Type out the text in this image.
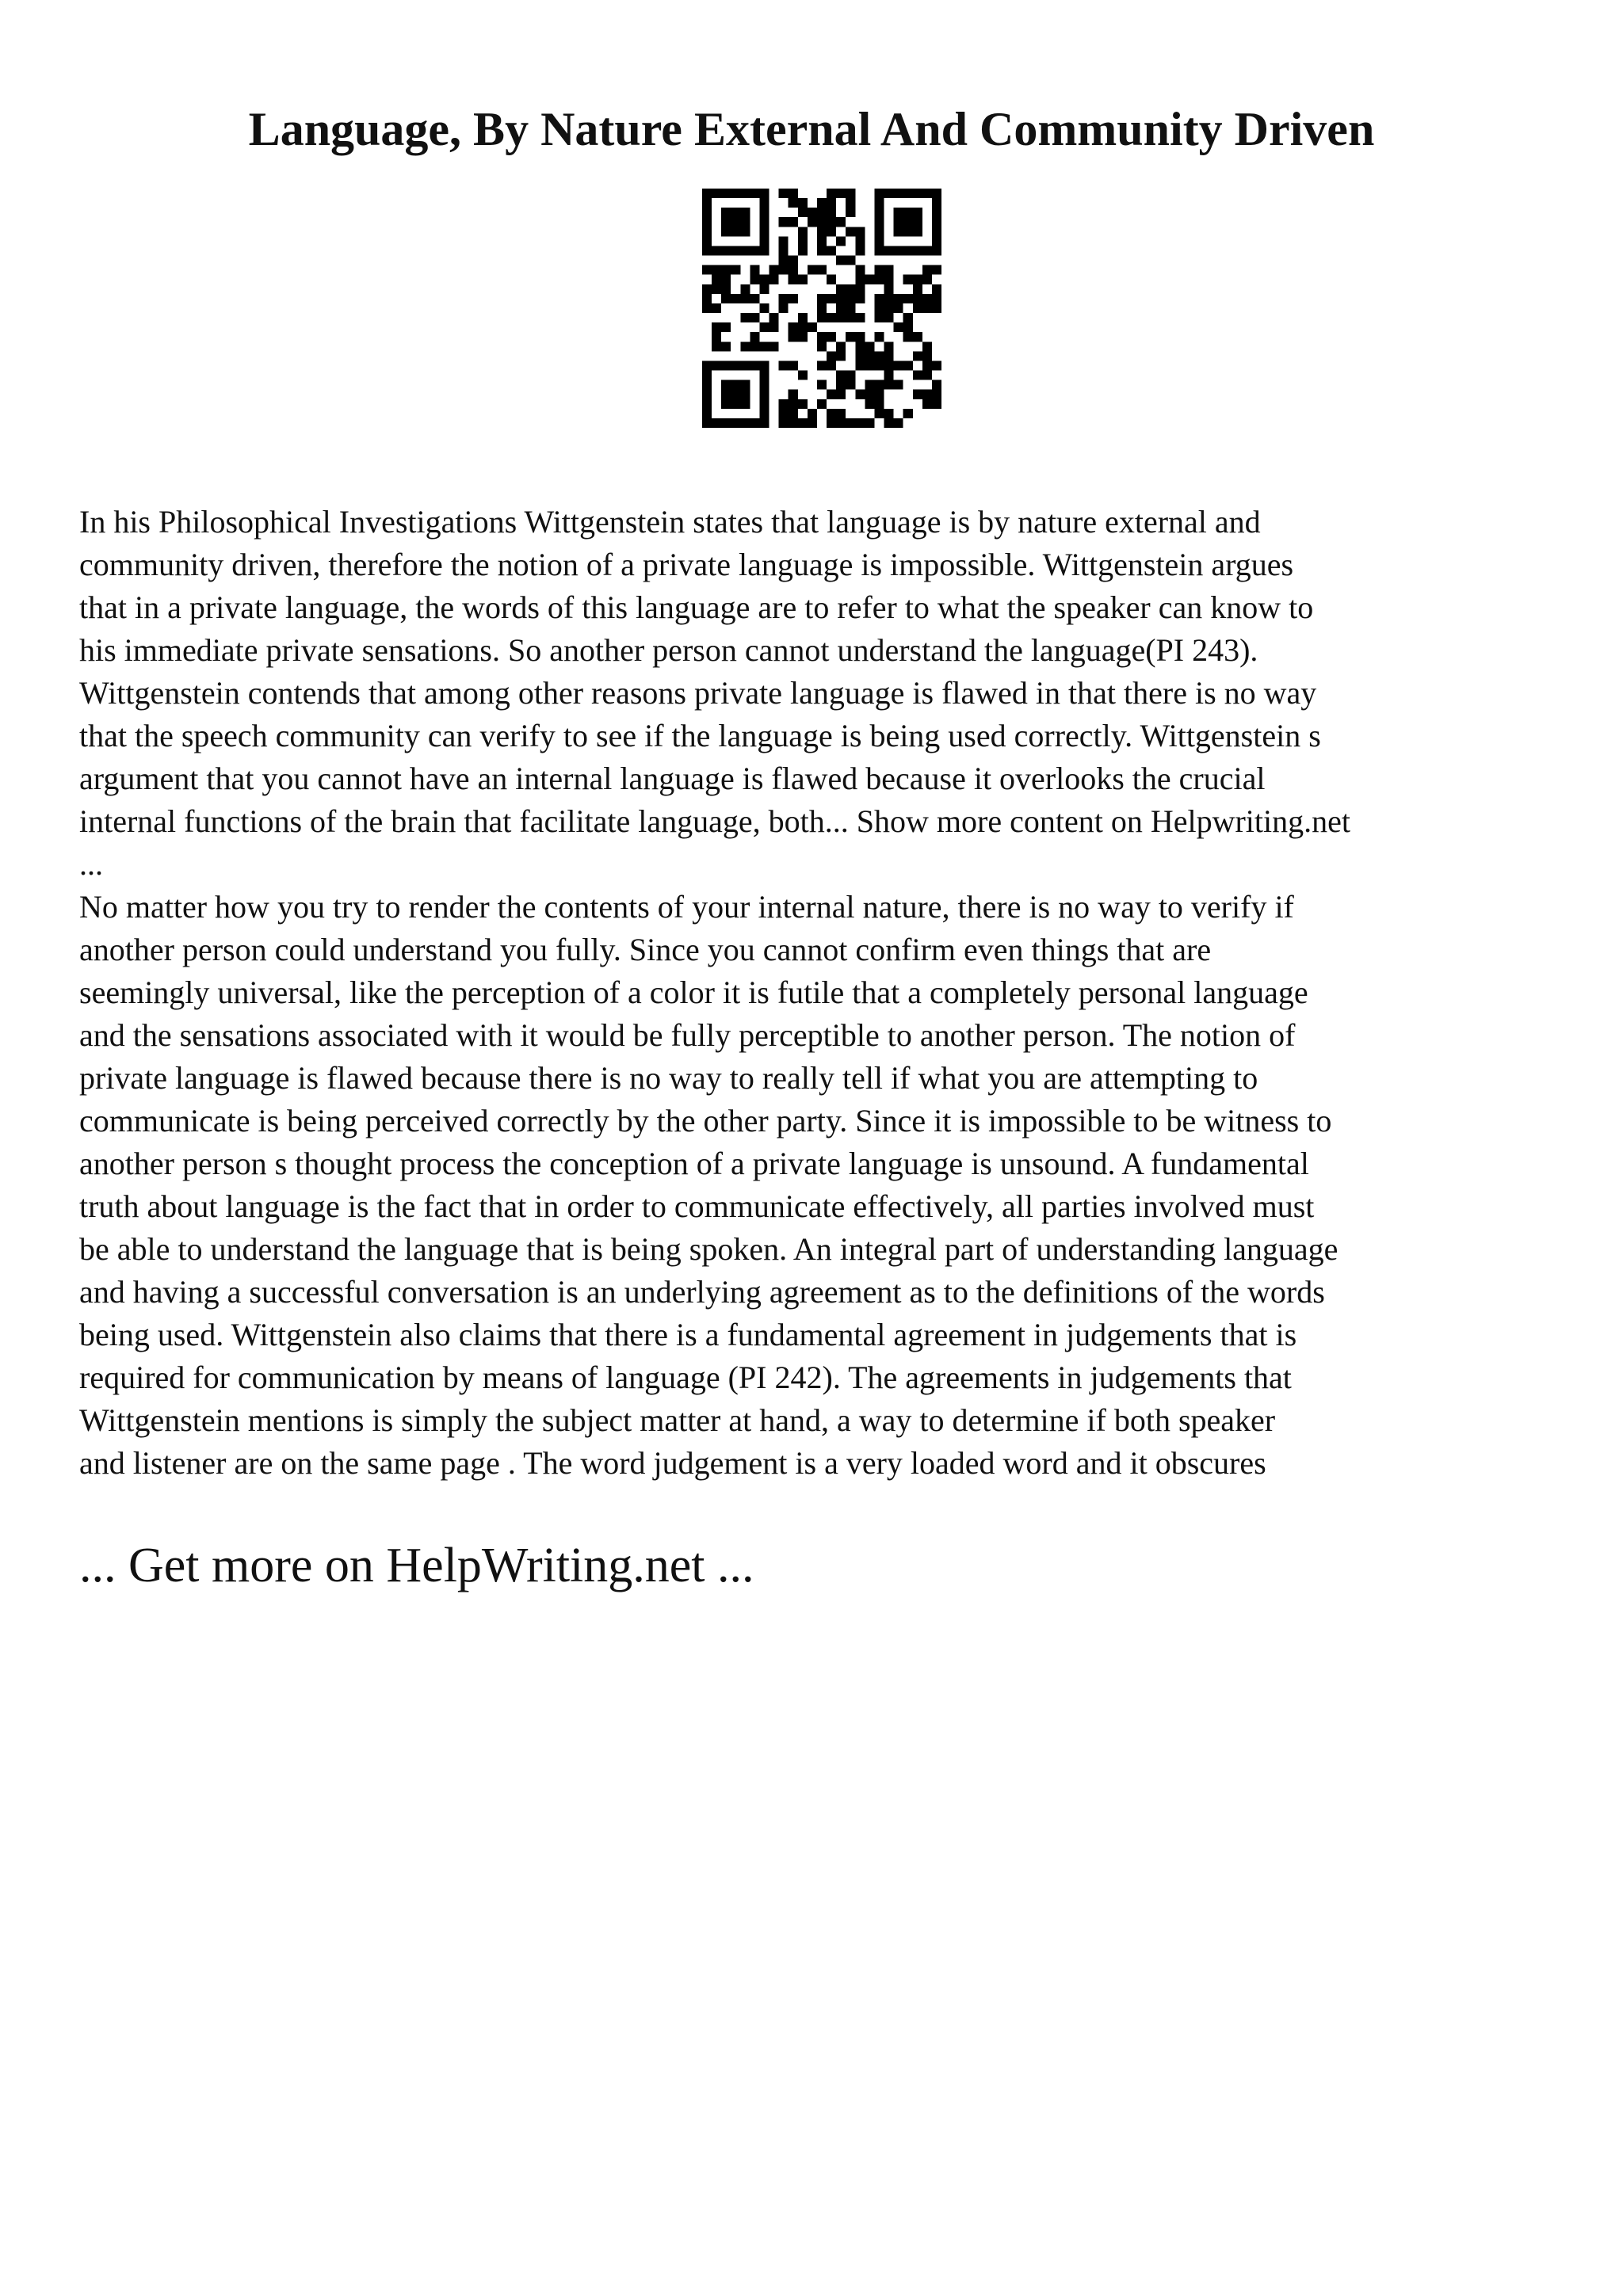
Language, By Nature External And Community Driven
In his Philosophical Investigations Wittgenstein states that language is by nature external and
community driven, therefore the notion of a private language is impossible. Wittgenstein argues
that in a private language, the words of this language are to refer to what the speaker can know to
his immediate private sensations. So another person cannot understand the language(PI 243).
Wittgenstein contends that among other reasons private language is flawed in that there is no way
that the speech community can verify to see if the language is being used correctly. Wittgenstein s
argument that you cannot have an internal language is flawed because it overlooks the crucial
internal functions of the brain that facilitate language, both... Show more content on Helpwriting.net
...
No matter how you try to render the contents of your internal nature, there is no way to verify if
another person could understand you fully. Since you cannot confirm even things that are
seemingly universal, like the perception of a color it is futile that a completely personal language
and the sensations associated with it would be fully perceptible to another person. The notion of
private language is flawed because there is no way to really tell if what you are attempting to
communicate is being perceived correctly by the other party. Since it is impossible to be witness to
another person s thought process the conception of a private language is unsound. A fundamental
truth about language is the fact that in order to communicate effectively, all parties involved must
be able to understand the language that is being spoken. An integral part of understanding language
and having a successful conversation is an underlying agreement as to the definitions of the words
being used. Wittgenstein also claims that there is a fundamental agreement in judgements that is
required for communication by means of language (PI 242). The agreements in judgements that
Wittgenstein mentions is simply the subject matter at hand, a way to determine if both speaker
and listener are on the same page . The word judgement is a very loaded word and it obscures
... Get more on HelpWriting.net ...
